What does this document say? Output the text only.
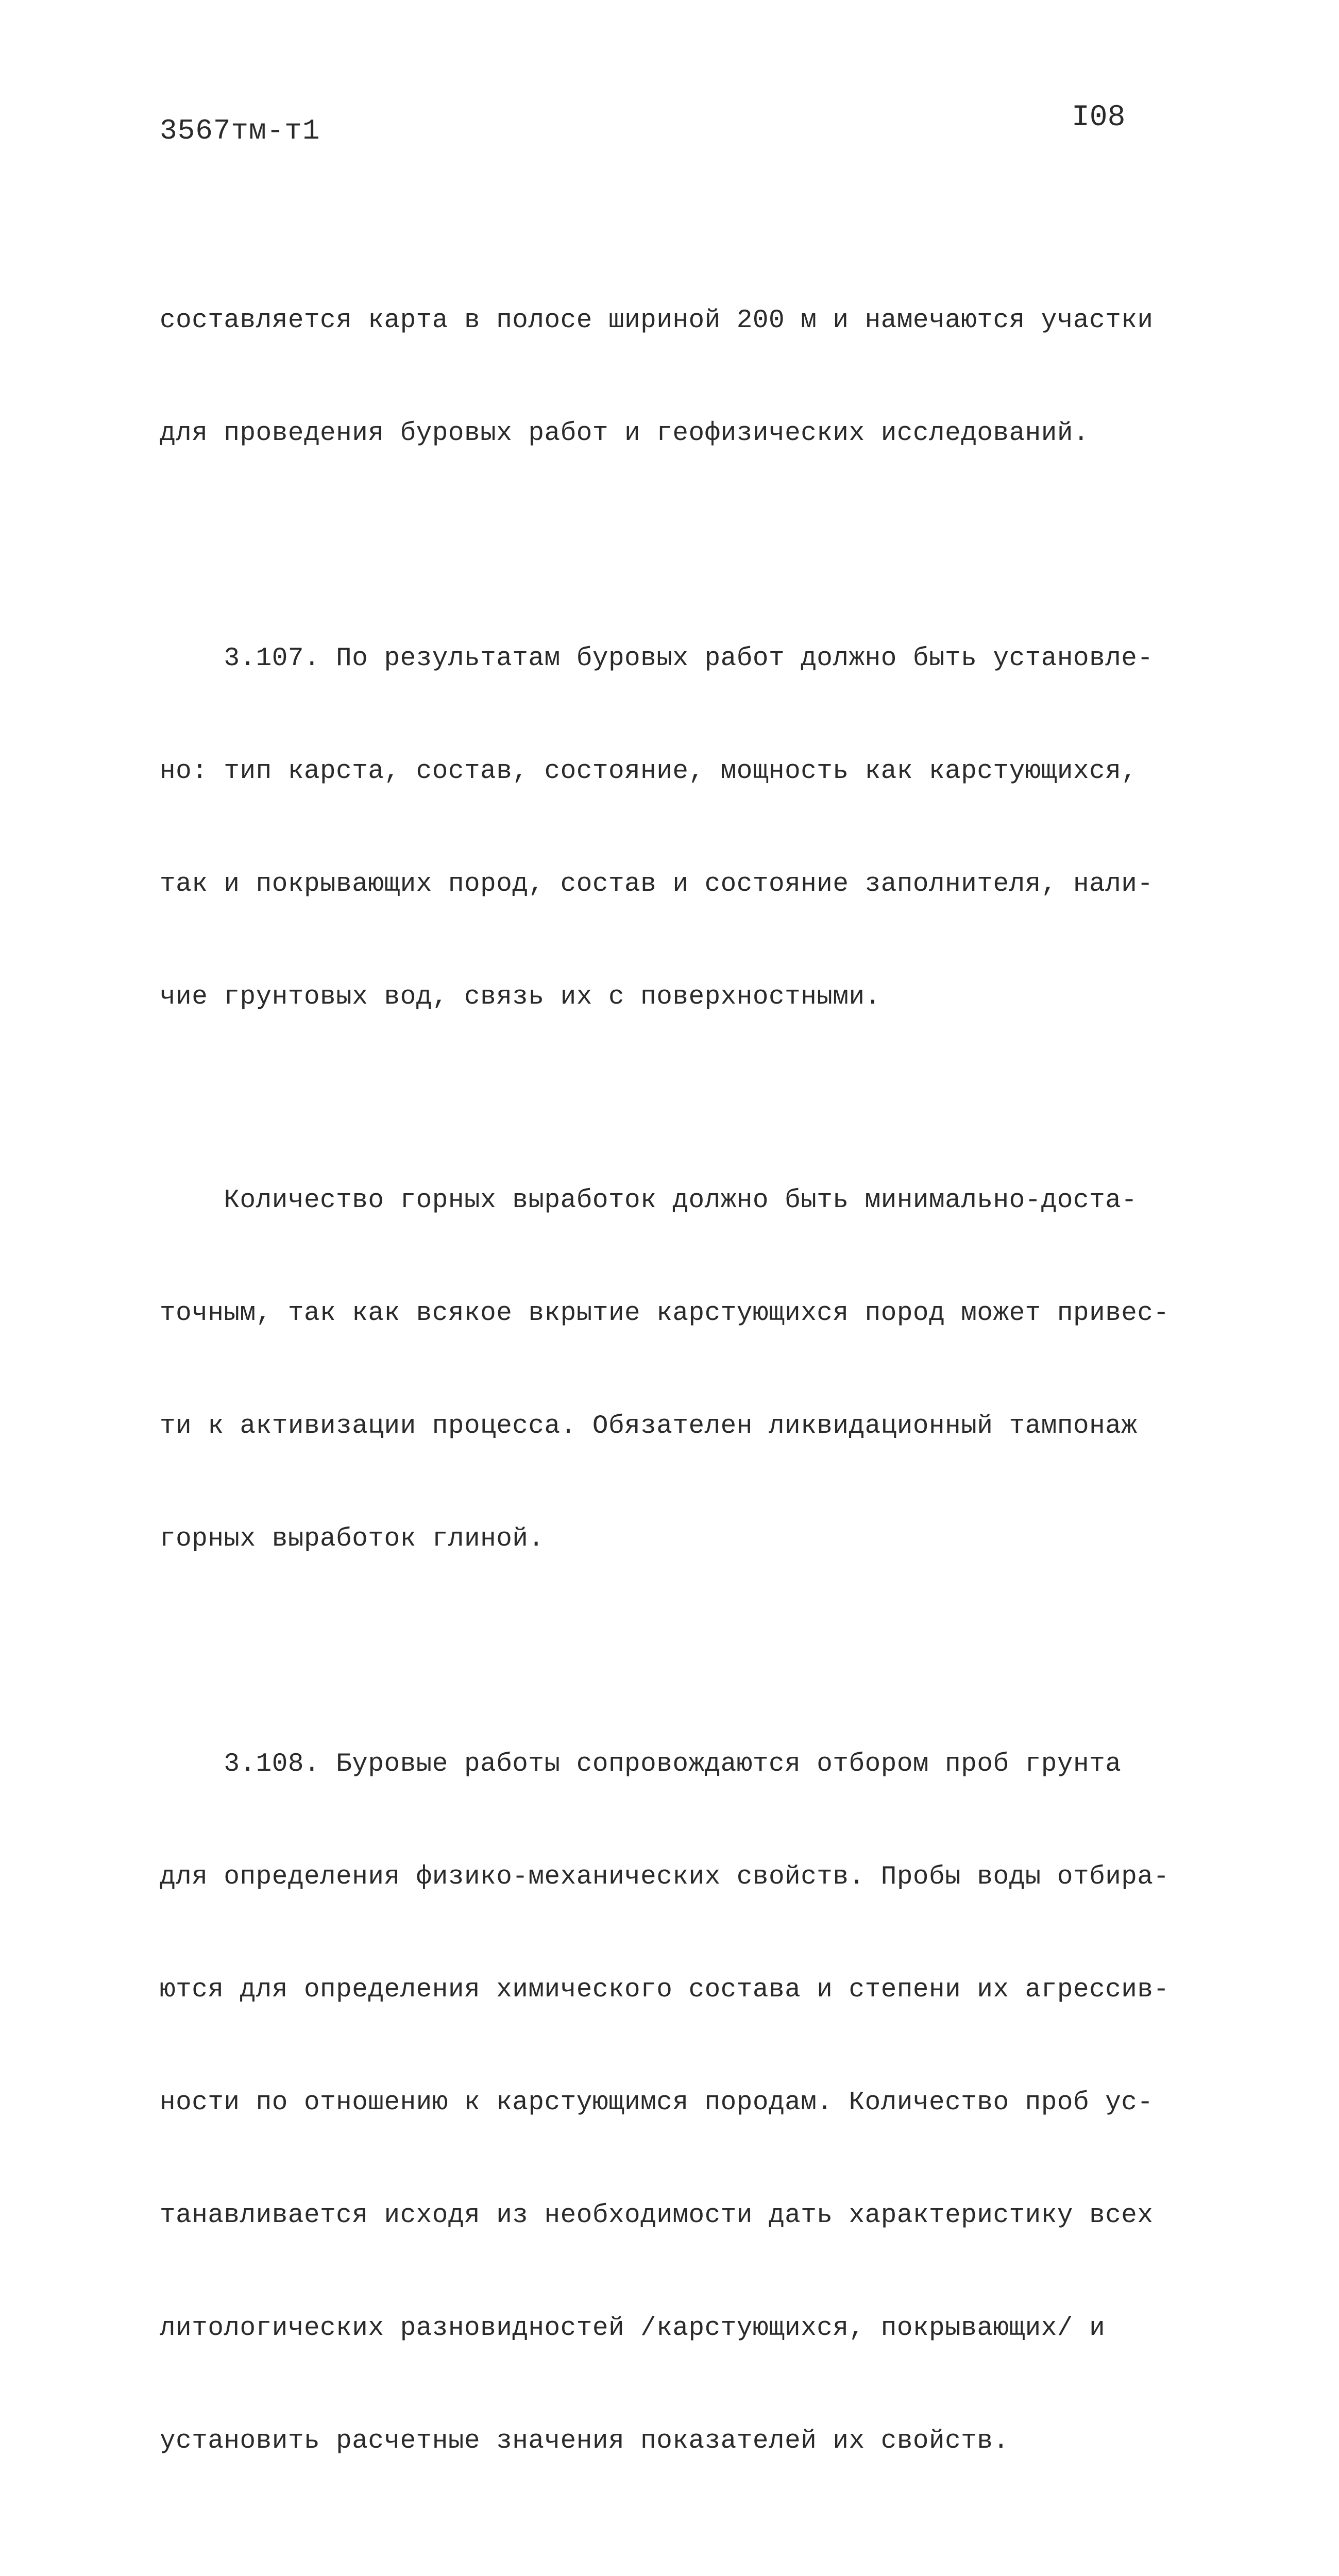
3567тм-т1	I08

составляется карта в полосе шириной 200 м и намечаются участки

для проведения буровых работ и геофизических исследований.

3.107. По результатам буровых работ должно быть установле-

но: тип карста, состав, состояние, мощность как карстующихся,

так и покрывающих пород, состав и состояние заполнителя, нали-

чие грунтовых вод, связь их с поверхностными.

Количество горных выработок должно быть минимально-доста-

точным, так как всякое вкрытие карстующихся пород может привес-

ти к активизации процесса. Обязателен ликвидационный тампонаж

горных выработок глиной.

3.108. Буровые работы сопровождаются отбором проб грунта

для определения физико-механических свойств. Пробы воды отбира-

ются для определения химического состава и степени их агрессив-

ности по отношению к карстующимся породам. Количество проб ус-

танавливается исходя из необходимости дать характеристику всех

литологических разновидностей /карстующихся, покрывающих/ и

установить расчетные значения показателей их свойств.
